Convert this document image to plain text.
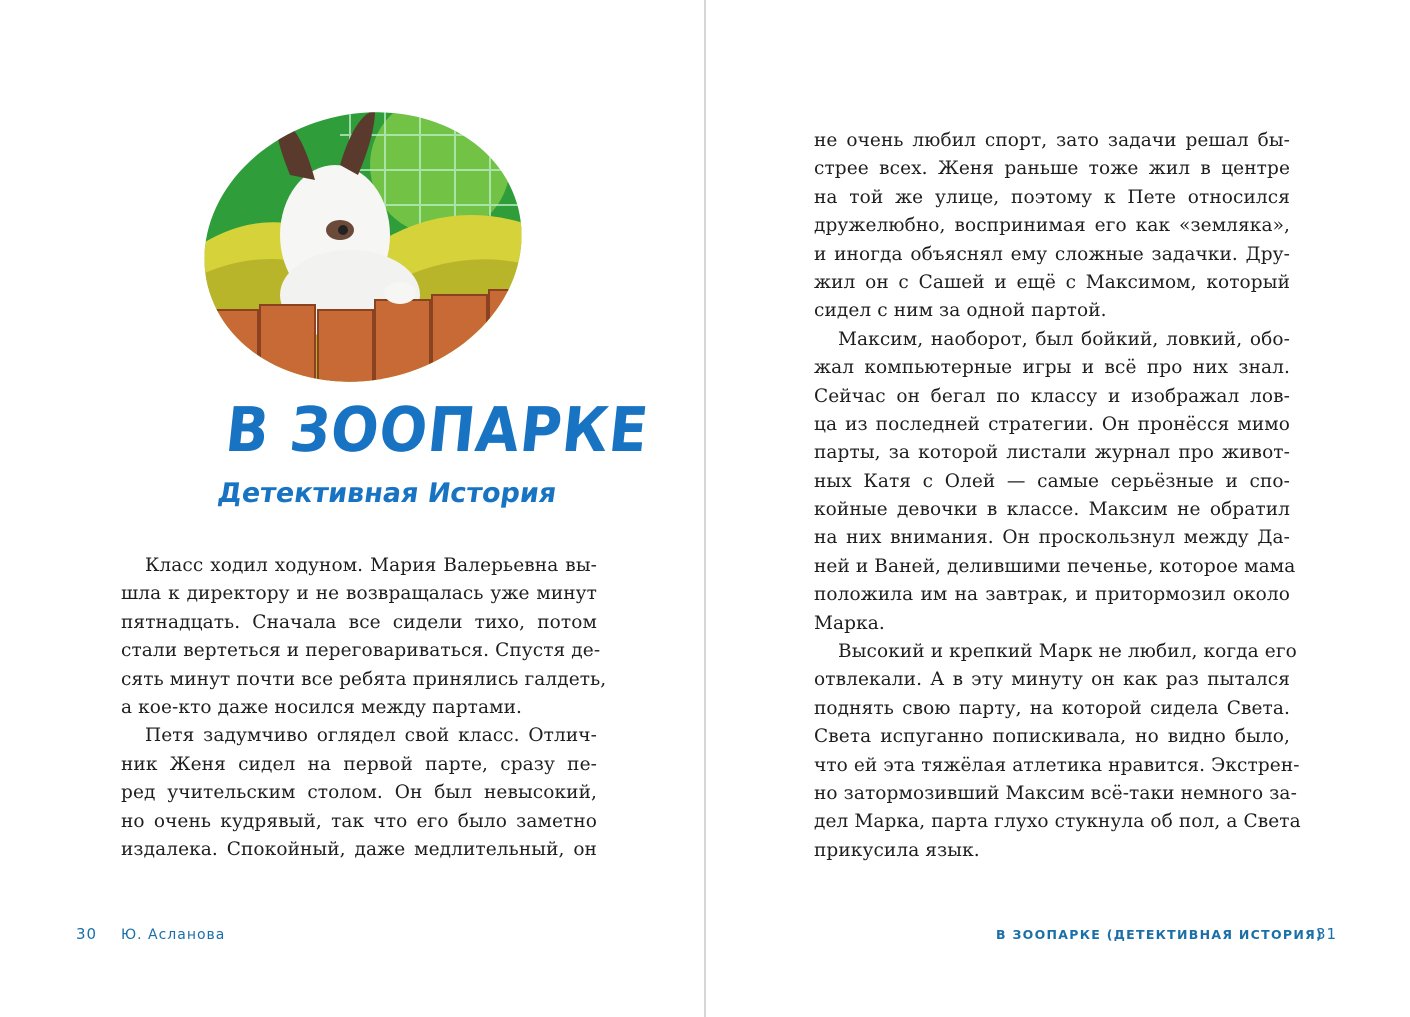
В ЗООПАРКЕ
Детективная История
Класс ходил ходуном. Мария Валерьевна вы-
шла к директору и не возвращалась уже минут
пятнадцать. Сначала все сидели тихо, потом
стали вертеться и переговариваться. Спустя де-
сять минут почти все ребята принялись галдеть,
а кое-кто даже носился между партами.
Петя задумчиво оглядел свой класс. Отлич-
ник Женя сидел на первой парте, сразу пе-
ред учительским столом. Он был невысокий,
но очень кудрявый, так что его было заметно
издалека. Спокойный, даже медлительный, он
30 Ю. Асланова
не очень любил спорт, зато задачи решал бы-
стрее всех. Женя раньше тоже жил в центре
на той же улице, поэтому к Пете относился
дружелюбно, воспринимая его как «земляка»,
и иногда объяснял ему сложные задачки. Дру-
жил он с Сашей и ещё с Максимом, который
сидел с ним за одной партой.
Максим, наоборот, был бойкий, ловкий, обо-
жал компьютерные игры и всё про них знал.
Сейчас он бегал по классу и изображал лов-
ца из последней стратегии. Он пронёсся мимо
парты, за которой листали журнал про живот-
ных Катя с Олей — самые серьёзные и спо-
койные девочки в классе. Максим не обратил
на них внимания. Он проскользнул между Да-
ней и Ваней, делившими печенье, которое мама
положила им на завтрак, и притормозил около
Марка.
Высокий и крепкий Марк не любил, когда его
отвлекали. А в эту минуту он как раз пытался
поднять свою парту, на которой сидела Света.
Света испуганно попискивала, но видно было,
что ей эта тяжёлая атлетика нравится. Экстрен-
но затормозивший Максим всё-таки немного за-
дел Марка, парта глухо стукнула об пол, а Света
прикусила язык.
В ЗООПАРКЕ (ДЕТЕКТИВНАЯ ИСТОРИЯ)
31
